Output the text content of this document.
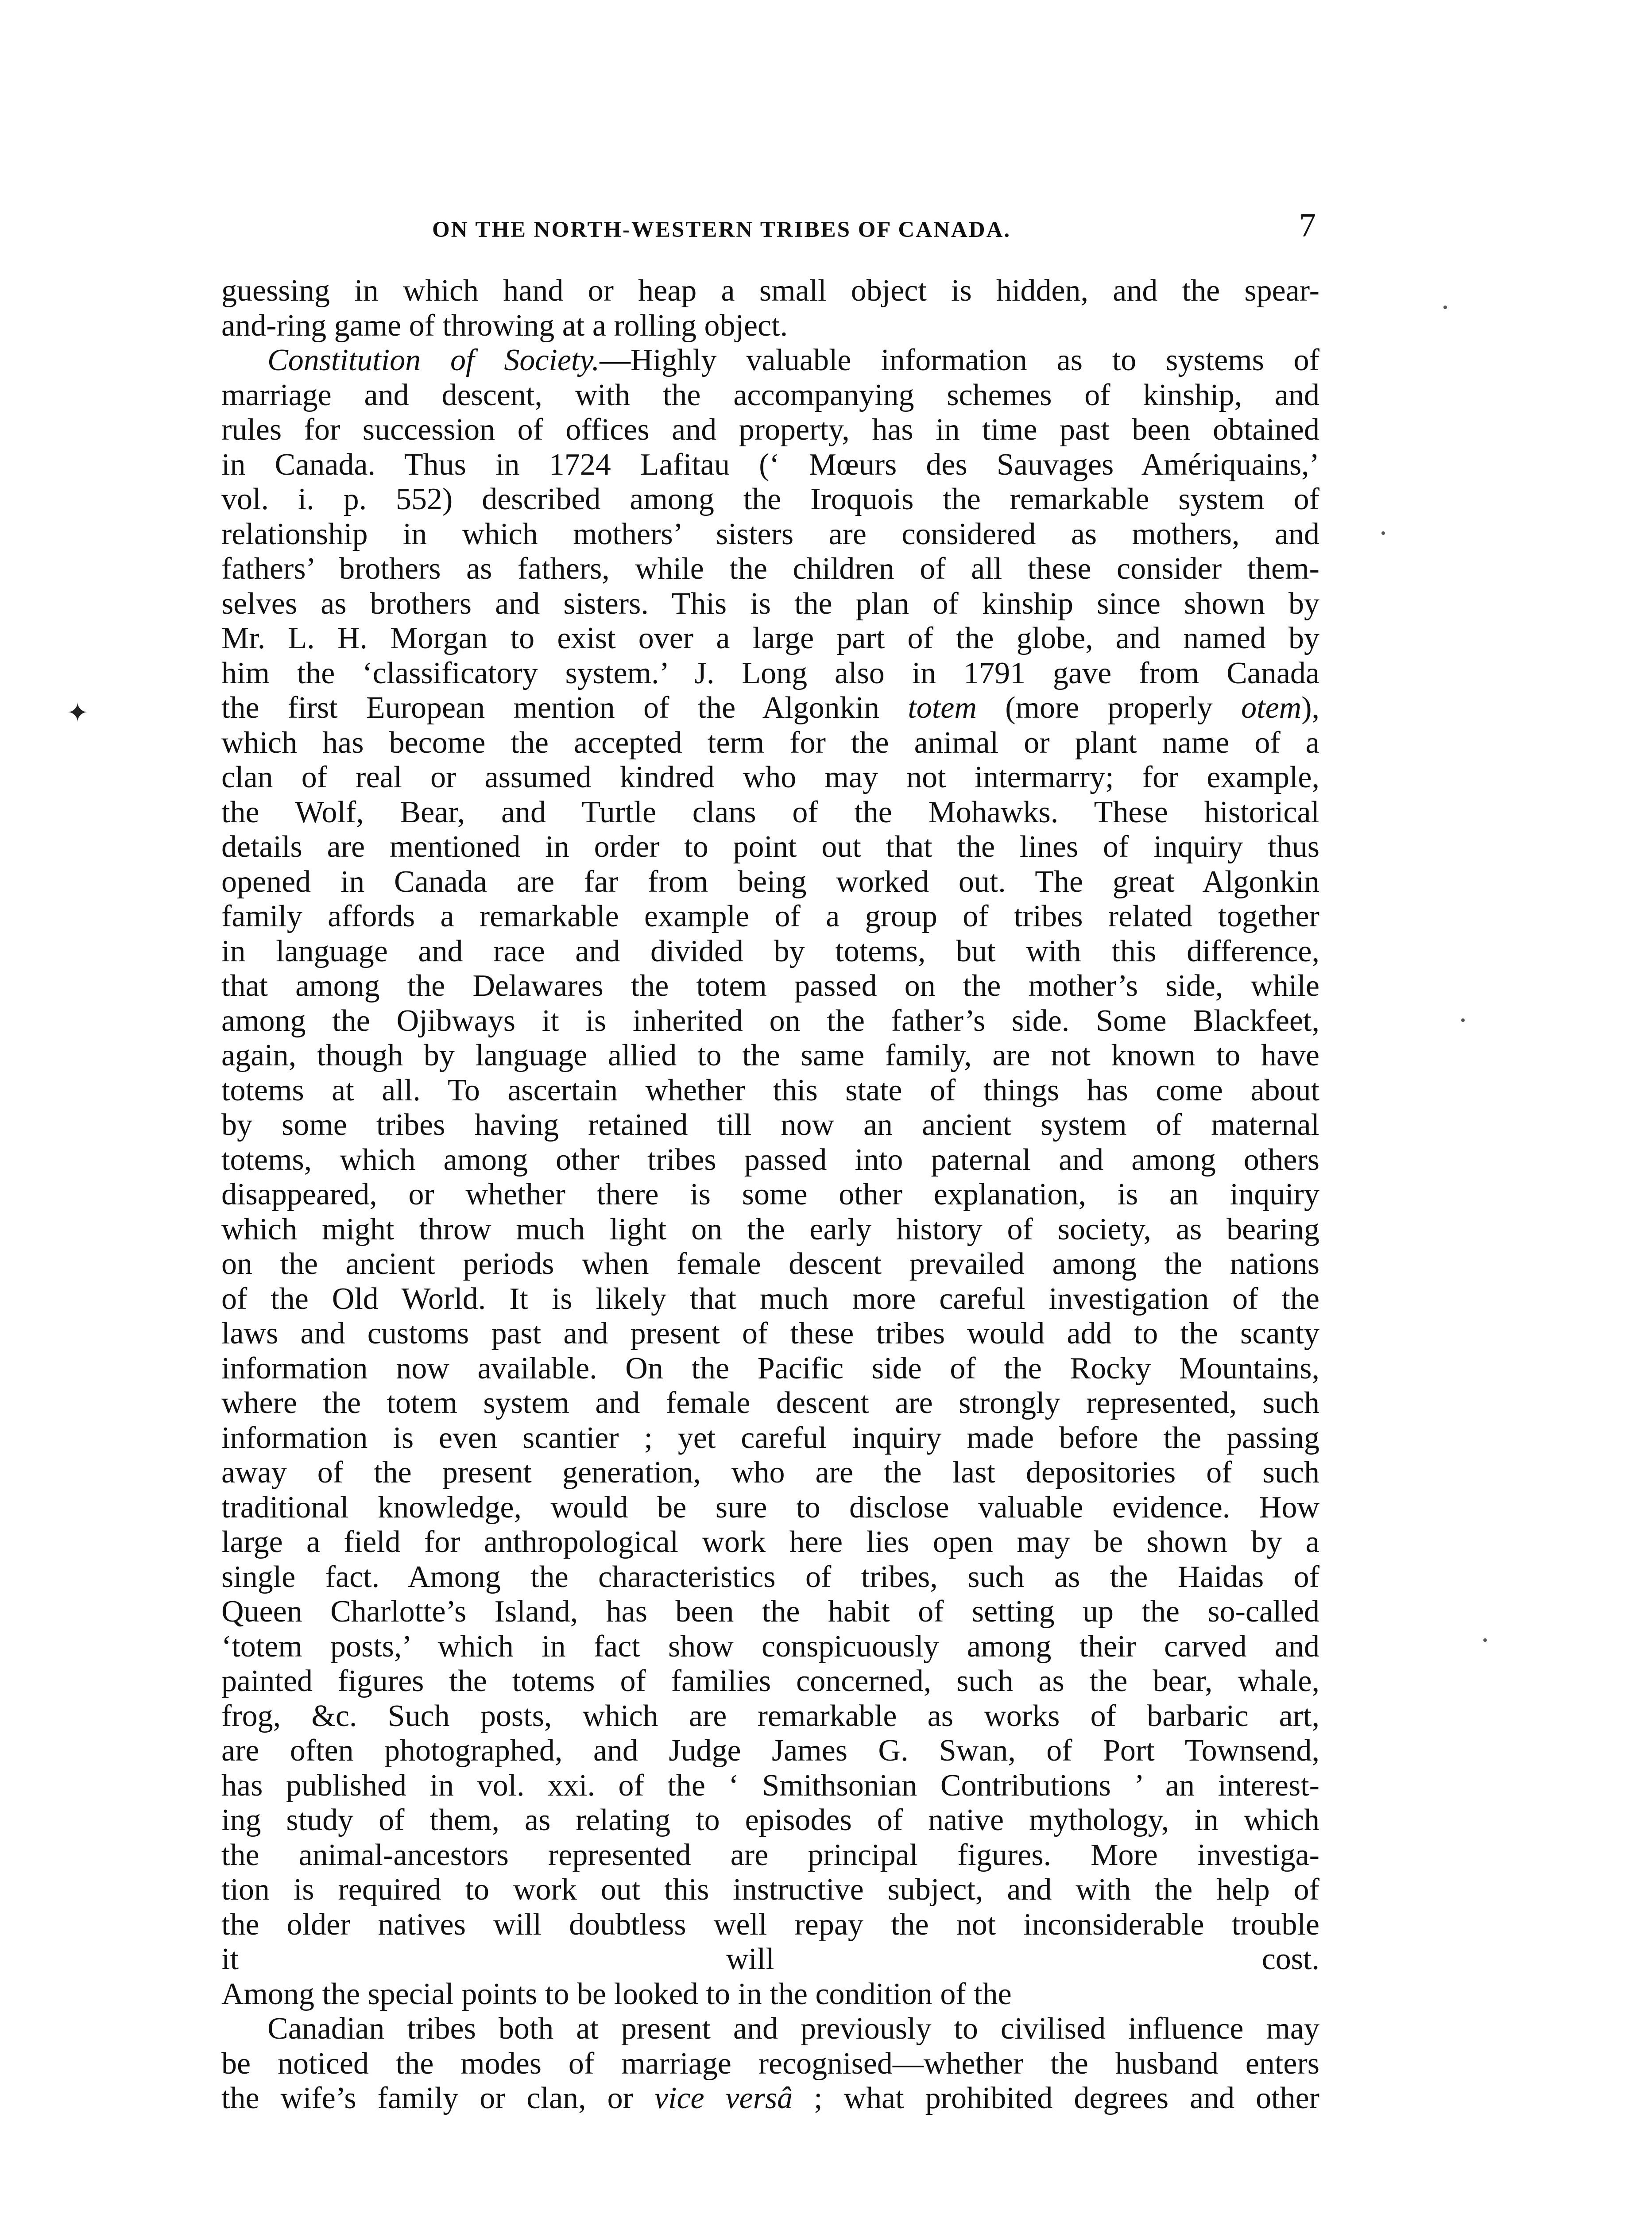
ON THE NORTH-WESTERN TRIBES OF CANADA.	7
guessing in which hand or heap a small object is hidden, and the spear-
and-ring game of throwing at a rolling object.
Constitution of Society.—Highly valuable information as to systems of
marriage and descent, with the accompanying schemes of kinship, and
rules for succession of offices and property, has in time past been obtained
in Canada. Thus in 1724 Lafitau (‘ Mœurs des Sauvages Amériquains,’
vol. i. p. 552) described among the Iroquois the remarkable system of
relationship in which mothers’ sisters are considered as mothers, and
fathers’ brothers as fathers, while the children of all these consider them-
selves as brothers and sisters. This is the plan of kinship since shown by
Mr. L. H. Morgan to exist over a large part of the globe, and named by
him the ‘classificatory system.’ J. Long also in 1791 gave from Canada
the first European mention of the Algonkin totem (more properly otem),
which has become the accepted term for the animal or plant name of a
clan of real or assumed kindred who may not intermarry; for example,
the Wolf, Bear, and Turtle clans of the Mohawks. These historical
details are mentioned in order to point out that the lines of inquiry thus
opened in Canada are far from being worked out. The great Algonkin
family affords a remarkable example of a group of tribes related together
in language and race and divided by totems, but with this difference,
that among the Delawares the totem passed on the mother’s side, while
among the Ojibways it is inherited on the father’s side. Some Blackfeet,
again, though by language allied to the same family, are not known to have
totems at all. To ascertain whether this state of things has come about
by some tribes having retained till now an ancient system of maternal
totems, which among other tribes passed into paternal and among others
disappeared, or whether there is some other explanation, is an inquiry
which might throw much light on the early history of society, as bearing
on the ancient periods when female descent prevailed among the nations
of the Old World. It is likely that much more careful investigation of the
laws and customs past and present of these tribes would add to the scanty
information now available. On the Pacific side of the Rocky Mountains,
where the totem system and female descent are strongly represented, such
information is even scantier ; yet careful inquiry made before the passing
away of the present generation, who are the last depositories of such
traditional knowledge, would be sure to disclose valuable evidence. How
large a field for anthropological work here lies open may be shown by a
single fact. Among the characteristics of tribes, such as the Haidas of
Queen Charlotte’s Island, has been the habit of setting up the so-called
‘totem posts,’ which in fact show conspicuously among their carved and
painted figures the totems of families concerned, such as the bear, whale,
frog, &c. Such posts, which are remarkable as works of barbaric art,
are often photographed, and Judge James G. Swan, of Port Townsend,
has published in vol. xxi. of the ‘ Smithsonian Contributions ’ an interest-
ing study of them, as relating to episodes of native mythology, in which
the animal-ancestors represented are principal figures. More investiga-
tion is required to work out this instructive subject, and with the help of
the older natives will doubtless well repay the not inconsiderable trouble
it will cost.
Among the special points to be looked to in the condition of the
Canadian tribes both at present and previously to civilised influence may
be noticed the modes of marriage recognised—whether the husband enters
the wife’s family or clan, or vice versâ ; what prohibited degrees and other
✦
